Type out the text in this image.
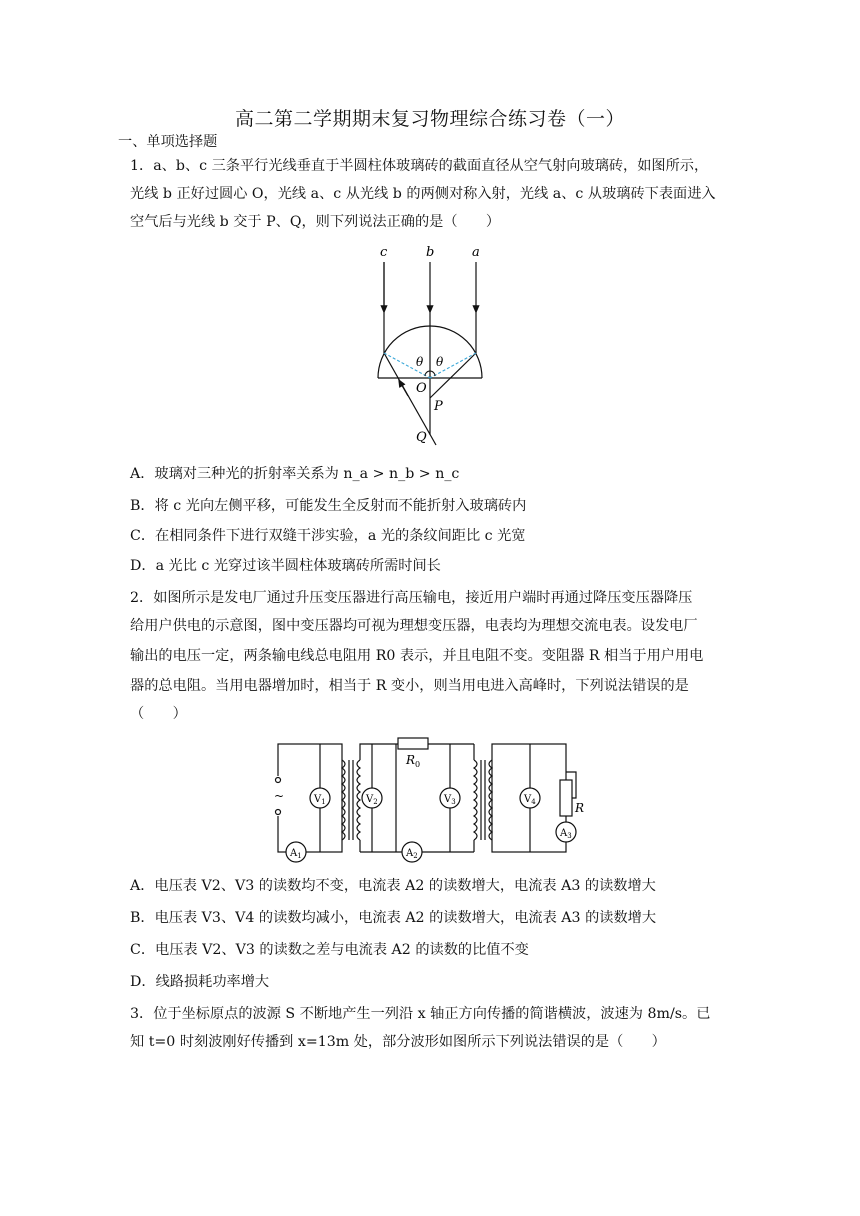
高二第二学期期末复习物理综合练习卷（一）
一、单项选择题
1．a、b、c 三条平行光线垂直于半圆柱体玻璃砖的截面直径从空气射向玻璃砖，如图所示，
光线 b 正好过圆心 O，光线 a、c 从光线 b 的两侧对称入射，光线 a、c 从玻璃砖下表面进入
空气后与光线 b 交于 P、Q，则下列说法正确的是（　　）
c	b	a
θ θ
O
P
Q
A．玻璃对三种光的折射率关系为 n_a > n_b > n_c
B．将 c 光向左侧平移，可能发生全反射而不能折射入玻璃砖内
C．在相同条件下进行双缝干涉实验，a 光的条纹间距比 c 光宽
D．a 光比 c 光穿过该半圆柱体玻璃砖所需时间长
2．如图所示是发电厂通过升压变压器进行高压输电，接近用户端时再通过降压变压器降压
给用户供电的示意图，图中变压器均可视为理想变压器，电表均为理想交流电表。设发电厂
输出的电压一定，两条输电线总电阻用 R0 表示，并且电阻不变。变阻器 R 相当于用户用电
器的总电阻。当用电器增加时，相当于 R 变小，则当用电进入高峰时，下列说法错误的是
（　　）
$V_1$	$V_2$	$V_3$	$V_4$
$A_1$	$A_2$
$A_3$
~
$R_0$
R
A．电压表 V2、V3 的读数均不变，电流表 A2 的读数增大，电流表 A3 的读数增大
B．电压表 V3、V4 的读数均减小，电流表 A2 的读数增大，电流表 A3 的读数增大
C．电压表 V2、V3 的读数之差与电流表 A2 的读数的比值不变
D．线路损耗功率增大
3．位于坐标原点的波源 S 不断地产生一列沿 x 轴正方向传播的简谐横波，波速为 8m/s。已
知 t=0 时刻波刚好传播到 x=13m 处，部分波形如图所示下列说法错误的是（　　）
